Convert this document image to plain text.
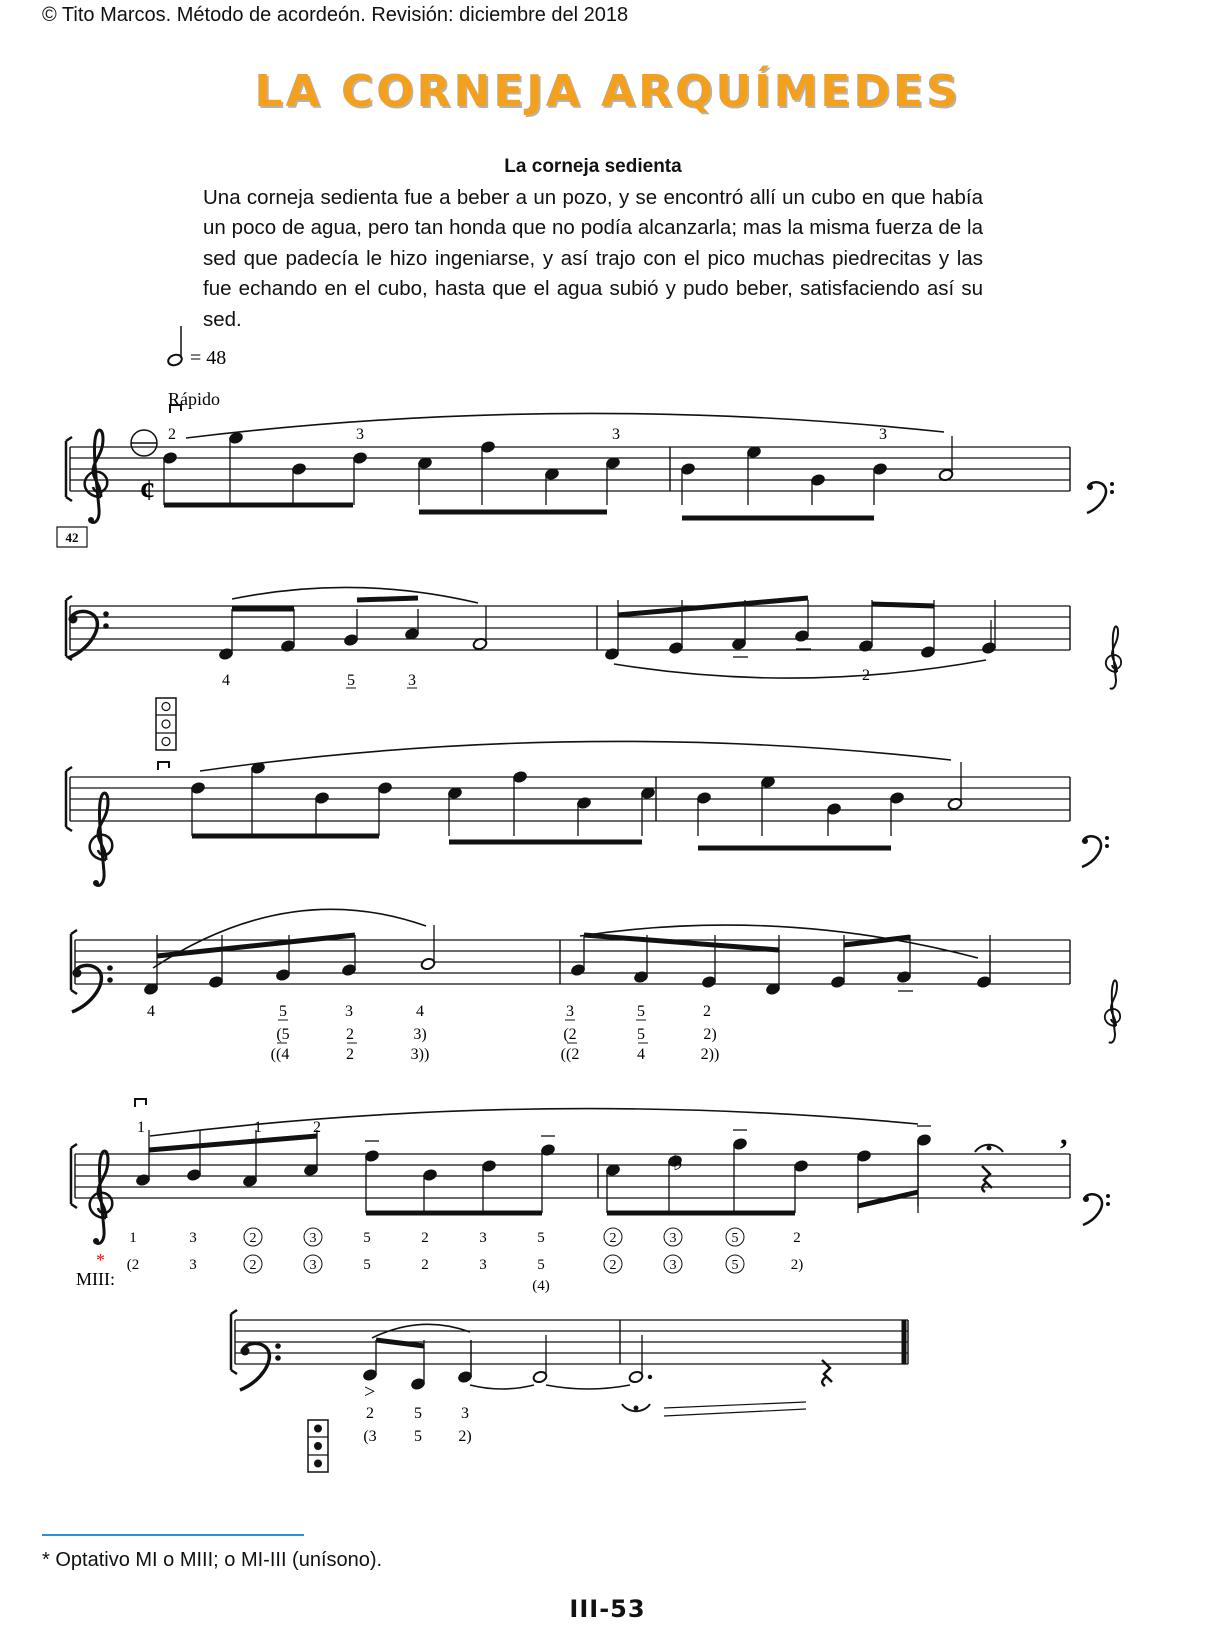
© Tito Marcos. Método de acordeón. Revisión: diciembre del 2018
LA CORNEJA ARQUÍMEDES
La corneja sedienta
Una corneja sedienta fue a beber a un pozo, y se encontró allí un cubo en que había un poco de agua, pero tan honda que no podía alcanzarla; mas la misma fuerza de la sed que padecía le hizo ingeniarse, y así trajo con el pico muchas piedrecitas y las fue echando en el cubo, hasta que el agua subió y pudo beber, satisfaciendo así su sed.
= 48
Rápido
¢
42
*
MIII:
,
>
2	3	3	3
4	5	3	2
4	5	3	4	3	5	2
(5	2	3)	(2	5	2)
((4	2	3))	((2	4	2))
♭
1	1	2
1	3	2	3	5	2	3	5	2	3	5	2
(2	3	2	3	5	2	3	5	2	3	5	2)
(4)
2	5 3
(3 5 2)
* Optativo MI o MIII; o MI-III (unísono).
III-53
